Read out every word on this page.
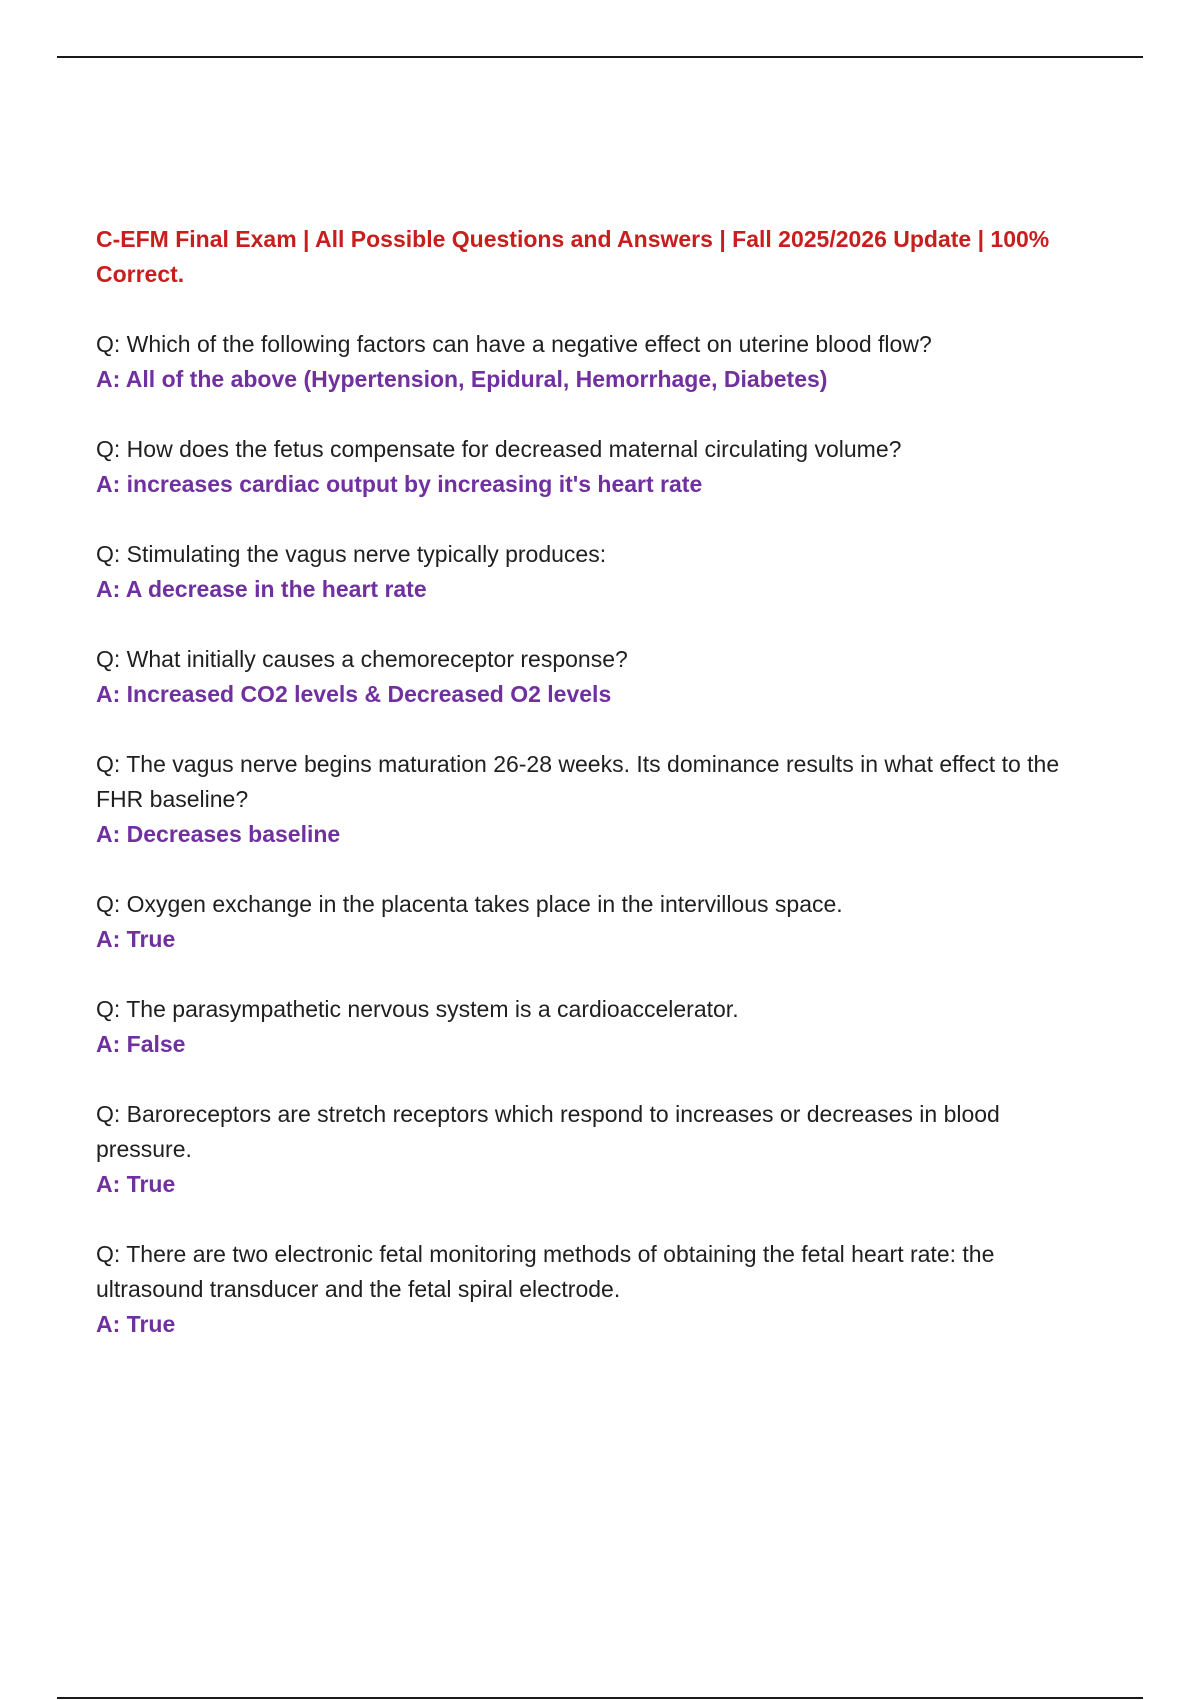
C-EFM Final Exam | All Possible Questions and Answers | Fall 2025/2026 Update | 100% Correct.

Q: Which of the following factors can have a negative effect on uterine blood flow?

A: All of the above (Hypertension, Epidural, Hemorrhage, Diabetes)

Q: How does the fetus compensate for decreased maternal circulating volume?

A: increases cardiac output by increasing it's heart rate

Q: Stimulating the vagus nerve typically produces:

A: A decrease in the heart rate

Q: What initially causes a chemoreceptor response?

A: Increased CO2 levels & Decreased O2 levels

Q: The vagus nerve begins maturation 26-28 weeks. Its dominance results in what effect to the FHR baseline?

A: Decreases baseline

Q: Oxygen exchange in the placenta takes place in the intervillous space.

A: True

Q: The parasympathetic nervous system is a cardioaccelerator.

A: False

Q: Baroreceptors are stretch receptors which respond to increases or decreases in blood pressure.

A: True

Q: There are two electronic fetal monitoring methods of obtaining the fetal heart rate: the ultrasound transducer and the fetal spiral electrode.

A: True
